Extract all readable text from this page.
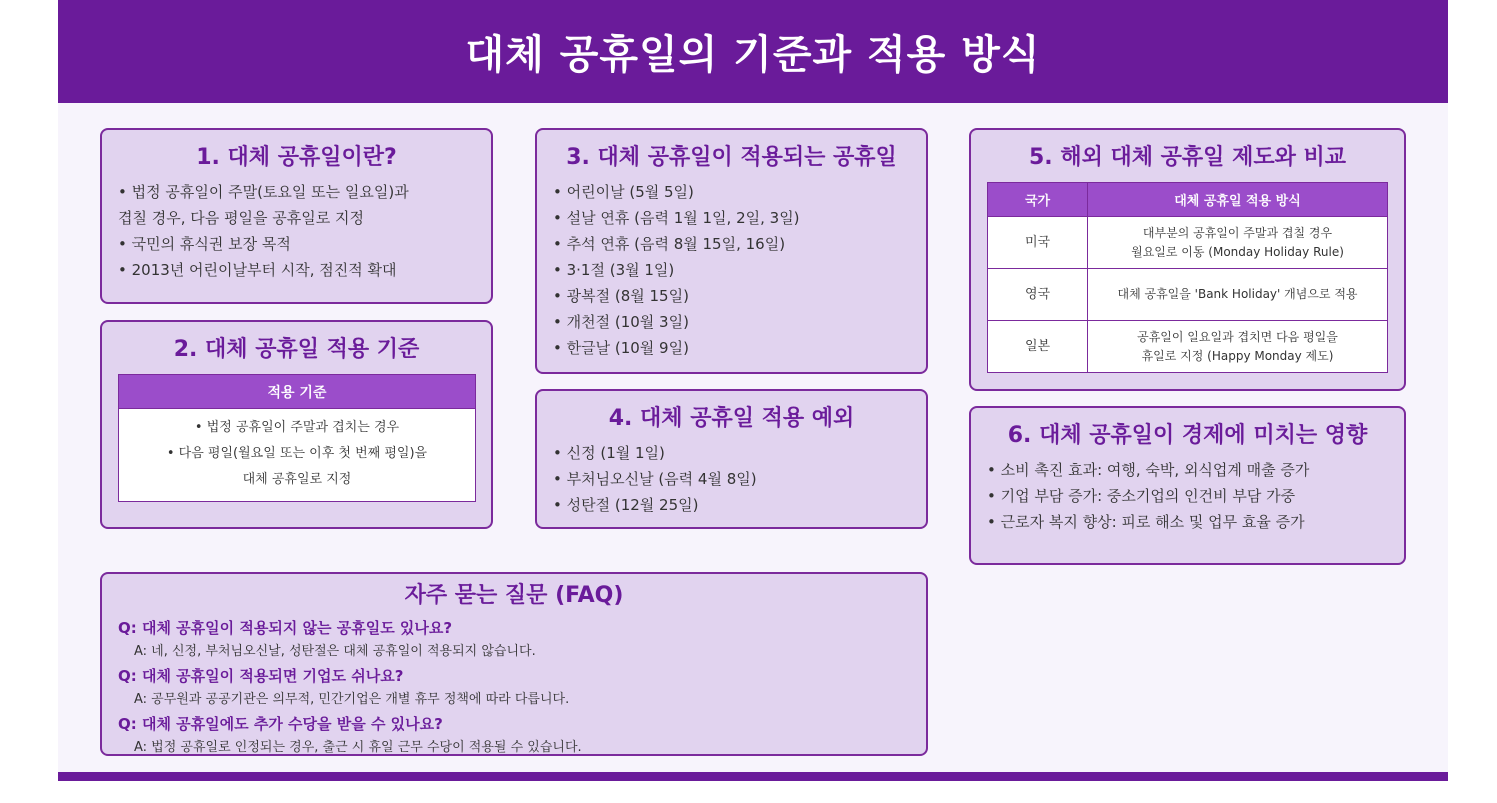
대체 공휴일의 기준과 적용 방식
1. 대체 공휴일이란?
• 법정 공휴일이 주말(토요일 또는 일요일)과
겹칠 경우, 다음 평일을 공휴일로 지정
• 국민의 휴식권 보장 목적
• 2013년 어린이날부터 시작, 점진적 확대
2. 대체 공휴일 적용 기준
적용 기준

• 법정 공휴일이 주말과 겹치는 경우
• 다음 평일(월요일 또는 이후 첫 번째 평일)을
대체 공휴일로 지정
3. 대체 공휴일이 적용되는 공휴일
• 어린이날 (5월 5일)
• 설날 연휴 (음력 1월 1일, 2일, 3일)
• 추석 연휴 (음력 8월 15일, 16일)
• 3·1절 (3월 1일)
• 광복절 (8월 15일)
• 개천절 (10월 3일)
• 한글날 (10월 9일)
4. 대체 공휴일 적용 예외
• 신정 (1월 1일)
• 부처님오신날 (음력 4월 8일)
• 성탄절 (12월 25일)
5. 해외 대체 공휴일 제도와 비교
국가	대체 공휴일 적용 방식
미국	대부분의 공휴일이 주말과 겹칠 경우
월요일로 이동 (Monday Holiday Rule)

영국	대체 공휴일을 'Bank Holiday' 개념으로 적용

일본	공휴일이 일요일과 겹치면 다음 평일을
휴일로 지정 (Happy Monday 제도)
6. 대체 공휴일이 경제에 미치는 영향
• 소비 촉진 효과: 여행, 숙박, 외식업계 매출 증가
• 기업 부담 증가: 중소기업의 인건비 부담 가중
• 근로자 복지 향상: 피로 해소 및 업무 효율 증가
자주 묻는 질문 (FAQ)
Q: 대체 공휴일이 적용되지 않는 공휴일도 있나요?
A: 네, 신정, 부처님오신날, 성탄절은 대체 공휴일이 적용되지 않습니다.
Q: 대체 공휴일이 적용되면 기업도 쉬나요?
A: 공무원과 공공기관은 의무적, 민간기업은 개별 휴무 정책에 따라 다릅니다.
Q: 대체 공휴일에도 추가 수당을 받을 수 있나요?
A: 법정 공휴일로 인정되는 경우, 출근 시 휴일 근무 수당이 적용될 수 있습니다.
